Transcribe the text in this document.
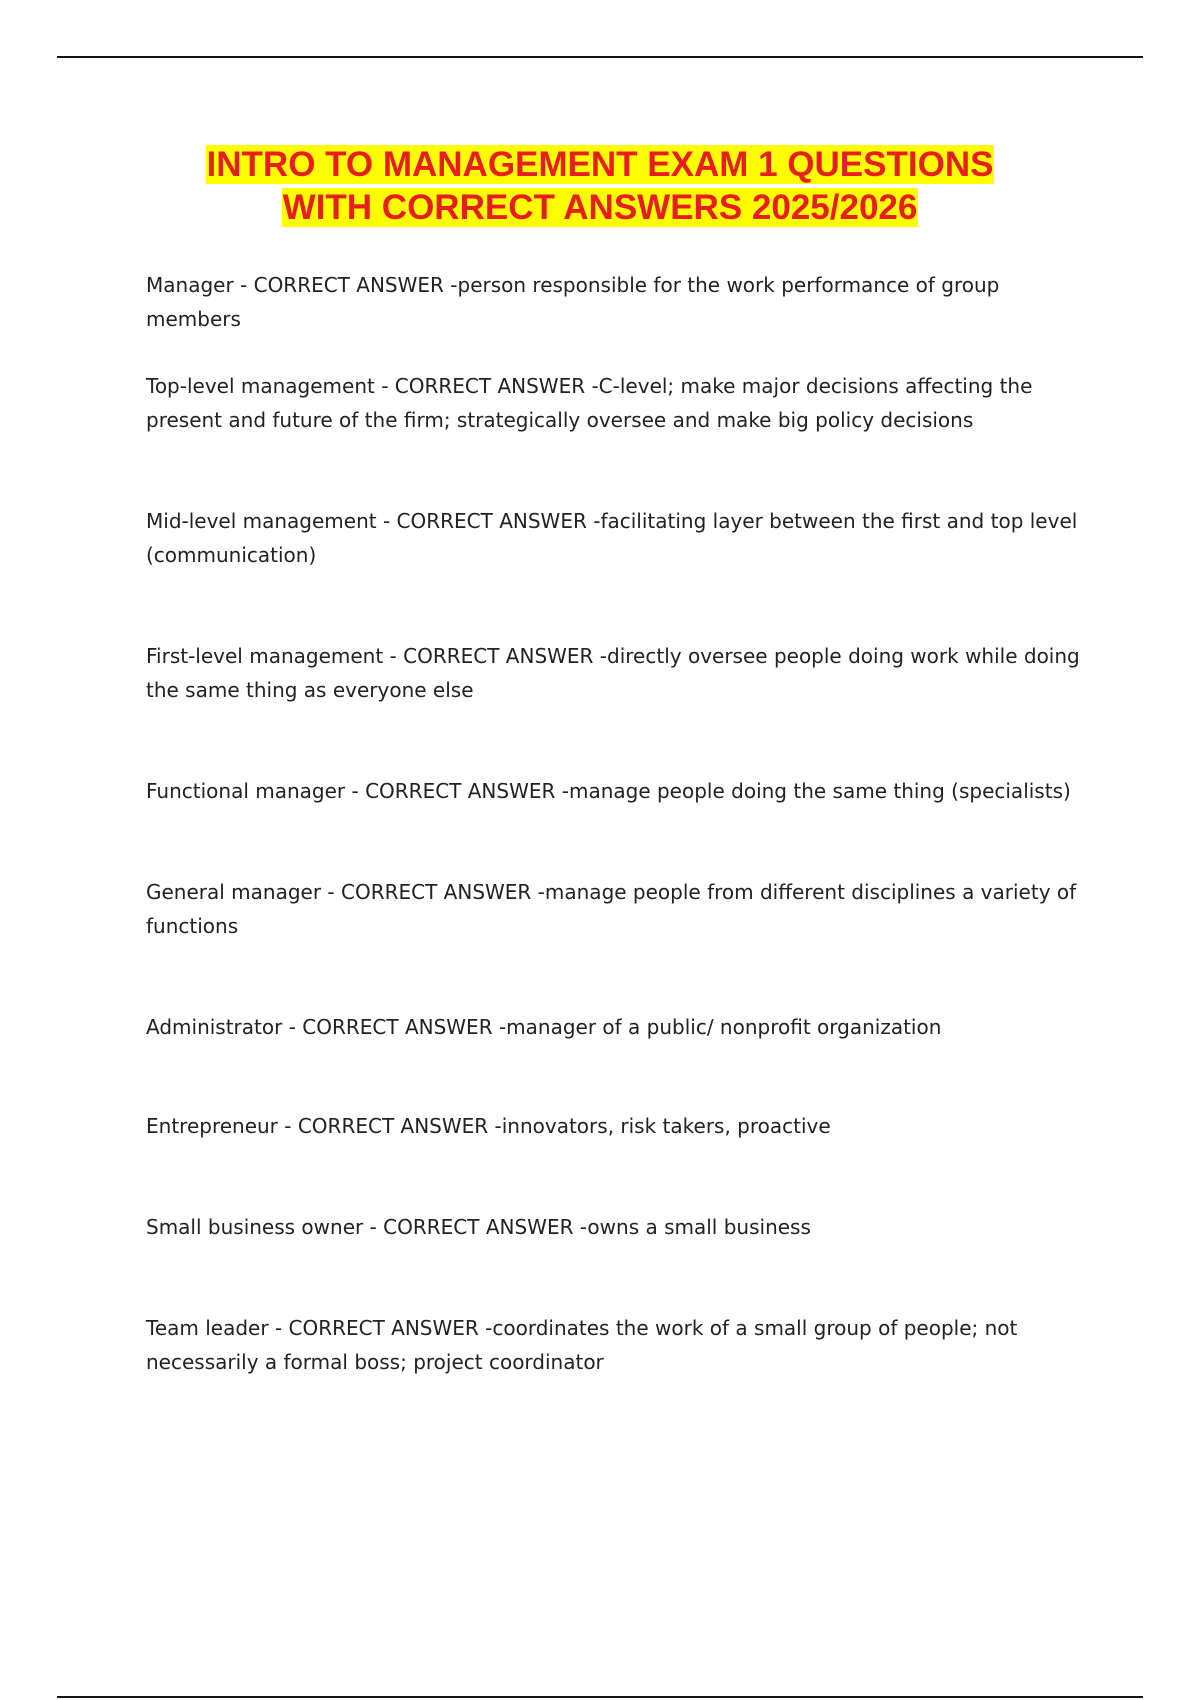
INTRO TO MANAGEMENT EXAM 1 QUESTIONS
WITH CORRECT ANSWERS 2025/2026

Manager - CORRECT ANSWER -person responsible for the work performance of group members

Top-level management - CORRECT ANSWER -C-level; make major decisions affecting the present and future of the firm; strategically oversee and make big policy decisions

Mid-level management - CORRECT ANSWER -facilitating layer between the first and top level (communication)

First-level management - CORRECT ANSWER -directly oversee people doing work while doing the same thing as everyone else

Functional manager - CORRECT ANSWER -manage people doing the same thing (specialists)

General manager - CORRECT ANSWER -manage people from different disciplines a variety of functions

Administrator - CORRECT ANSWER -manager of a public/ nonprofit organization

Entrepreneur - CORRECT ANSWER -innovators, risk takers, proactive

Small business owner - CORRECT ANSWER -owns a small business

Team leader - CORRECT ANSWER -coordinates the work of a small group of people; not necessarily a formal boss; project coordinator
